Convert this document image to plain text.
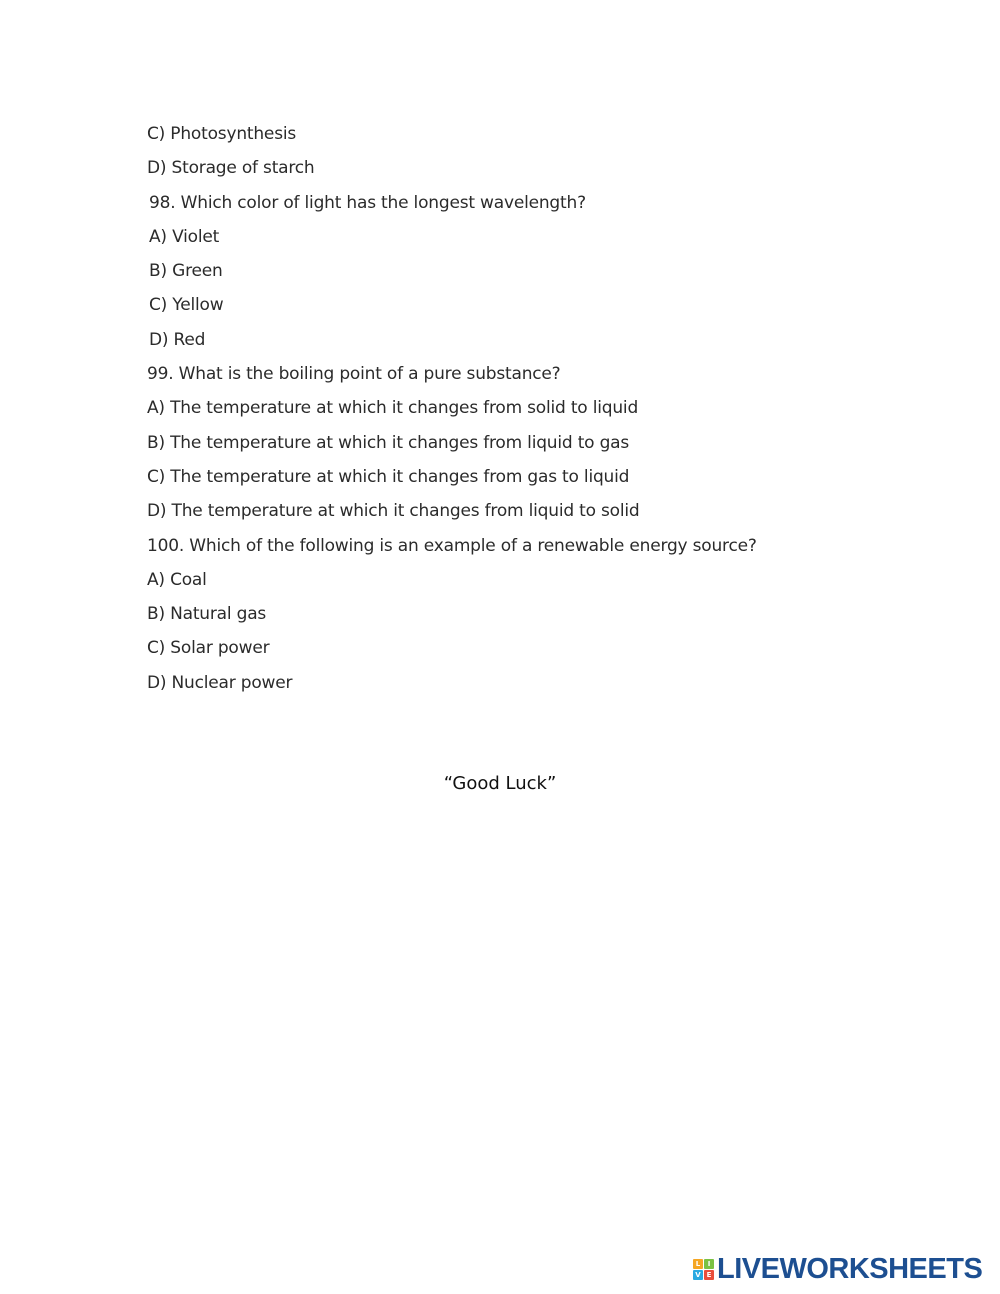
C) Photosynthesis
D) Storage of starch
98. Which color of light has the longest wavelength?
A) Violet
B) Green
C) Yellow
D) Red
99. What is the boiling point of a pure substance?
A) The temperature at which it changes from solid to liquid
B) The temperature at which it changes from liquid to gas
C) The temperature at which it changes from gas to liquid
D) The temperature at which it changes from liquid to solid
100. Which of the following is an example of a renewable energy source?
A) Coal
B) Natural gas
C) Solar power
D) Nuclear power
“Good Luck”
L	I
V E LIVEWORKSHEETS
